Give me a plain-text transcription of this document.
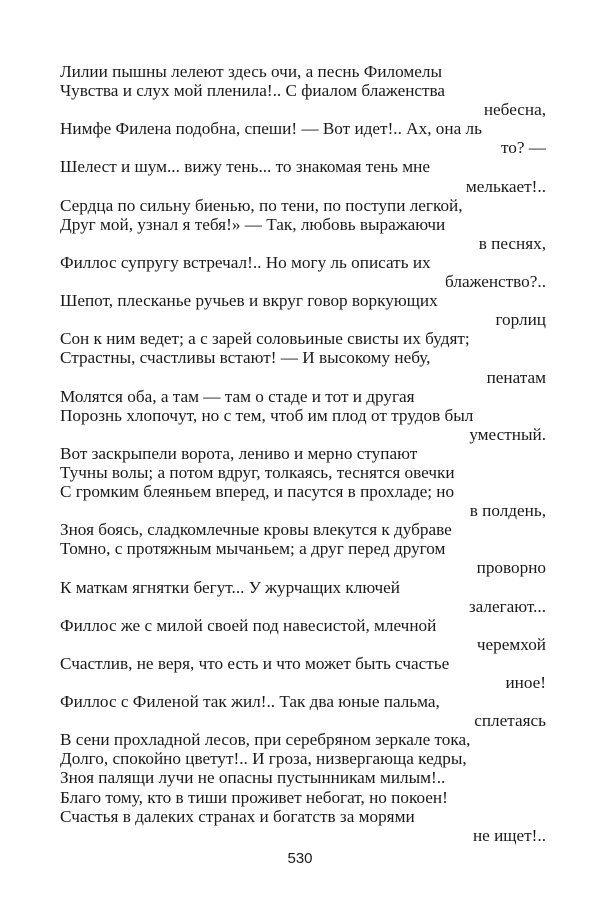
Лилии пышны лелеют здесь очи, а песнь Филомелы
Чувства и слух мой пленила!.. С фиалом блаженства
небесна,
Нимфе Филена подобна, спеши! — Вот идет!.. Ах, она ль
то? —
Шелест и шум... вижу тень... то знакомая тень мне
мелькает!..
Сердца по сильну биенью, по тени, по поступи легкой,
Друг мой, узнал я тебя!» — Так, любовь выражаючи
в песнях,
Филлос супругу встречал!.. Но могу ль описать их
блаженство?..
Шепот, плесканье ручьев и вкруг говор воркующих
горлиц
Сон к ним ведет; а с зарей соловьиные свисты их будят;
Страстны, счастливы встают! — И высокому небу,
пенатам
Молятся оба, а там — там о стаде и тот и другая
Порознь хлопочут, но с тем, чтоб им плод от трудов был
уместный.
Вот заскрыпели ворота, лениво и мерно ступают
Тучны волы; а потом вдруг, толкаясь, теснятся овечки
С громким блеяньем вперед, и пасутся в прохладе; но
в полдень,
Зноя боясь, сладкомлечные кровы влекутся к дубраве
Томно, с протяжным мычаньем; а друг перед другом
проворно
К маткам ягнятки бегут... У журчащих ключей
залегают...
Филлос же с милой своей под навесистой, млечной
черемхой
Счастлив, не веря, что есть и что может быть счастье
иное!
Филлос с Филеной так жил!.. Так два юные пальма,
сплетаясь
В сени прохладной лесов, при серебряном зеркале тока,
Долго, спокойно цветут!.. И гроза, низвергающа кедры,
Зноя палящи лучи не опасны пустынникам милым!..
Благо тому, кто в тиши проживет небогат, но покоен!
Счастья в далеких странах и богатств за морями
не ищет!..
530
